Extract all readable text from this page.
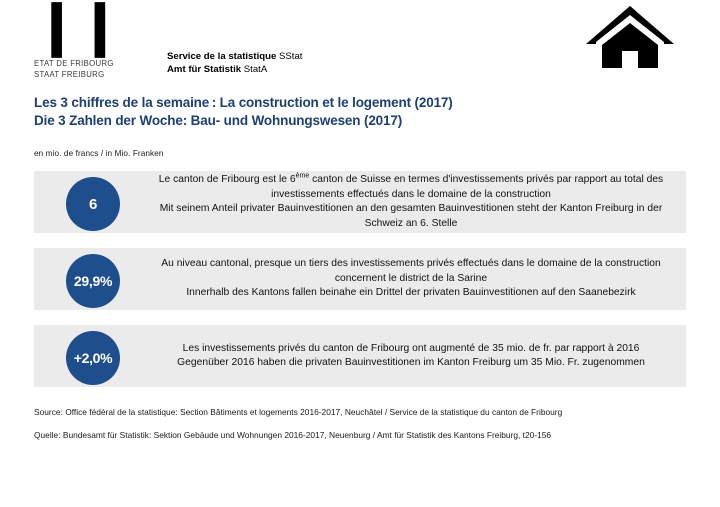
❙❙
ETAT DE FRIBOURG
STAAT FREIBURG
Service de la statistique SStat
Amt für Statistik StatA
Les 3 chiffres de la semaine : La construction et le logement (2017)
Die 3 Zahlen der Woche: Bau- und Wohnungswesen (2017)
en mio. de francs / in Mio. Franken
6
Le canton de Fribourg est le 6ème canton de Suisse en termes d'investissements privés par rapport au total des investissements effectués dans le domaine de la construction
Mit seinem Anteil privater Bauinvestitionen an den gesamten Bauinvestitionen steht der Kanton Freiburg in der Schweiz an 6. Stelle
29,9%
Au niveau cantonal, presque un tiers des investissements privés effectués dans le domaine de la construction concernent le district de la Sarine
Innerhalb des Kantons fallen beinahe ein Drittel der privaten Bauinvestitionen auf den Saanebezirk
+2,0%
Les investissements privés du canton de Fribourg ont augmenté de 35 mio. de fr. par rapport à 2016
Gegenüber 2016 haben die privaten Bauinvestitionen im Kanton Freiburg um 35 Mio. Fr. zugenommen
Source: Office fédéral de la statistique: Section Bâtiments et logements 2016-2017, Neuchâtel / Service de la statistique du canton de Fribourg
Quelle: Bundesamt für Statistik: Sektion Gebäude und Wohnungen 2016-2017, Neuenburg / Amt für Statistik des Kantons Freiburg, t20-156
